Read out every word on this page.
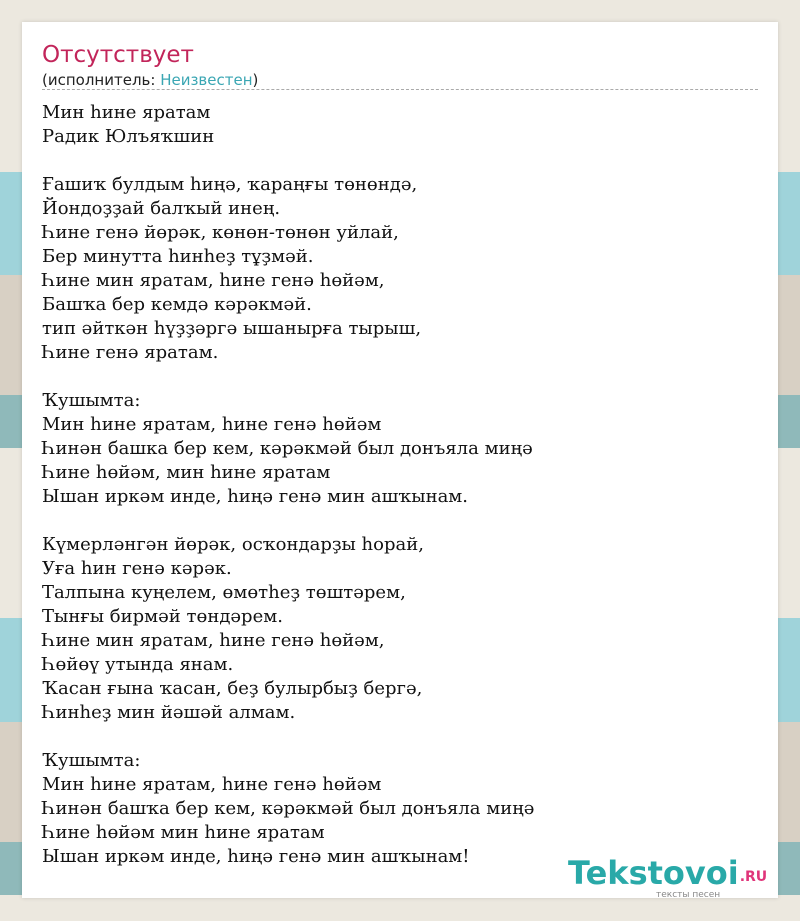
Отсутствует
(исполнитель: Неизвестен)
Мин һине яратам
Радик Юлъяҡшин
Ғашиҡ булдым һиңә, ҡараңғы төнөндә,
Йондоҙҙай балҡый инең.
Һине генә йөрәк, көнөн-төнөн уйлай,
Бер минутта һинһеҙ тұҙмәй.
Һине мин яратам, һине генә һөйәм,
Башҡа бер кемдә кәрәкмәй.
тип әйткән һүҙҙәргә ышанырға тырыш,
Һине генә яратам.
Ҡушымта:
Мин һине яратам, һине генә һөйәм
Һинән башка бер кем, кәрәкмәй был донъяла миңә
Һине һөйәм, мин һине яратам
Ышан иркәм инде, һиңә генә мин ашҡынам.
Күмерләнгән йөрәк, осҡондарҙы һорай,
Уға һин генә кәрәк.
Талпына куңелем, өмөтһеҙ төштәрем,
Тынғы бирмәй төндәрем.
Һине мин яратам, һине генә һөйәм,
Һөйөү утында янам.
Ҡасан ғына ҡасан, беҙ булырбыҙ бергә,
Һинһеҙ мин йәшәй алмам.
Ҡушымта:
Мин һине яратам, һине генә һөйәм
Һинән башҡа бер кем, кәрәкмәй был донъяла миңә
Һине һөйәм мин һине яратам
Ышан иркәм инде, һиңә генә мин ашҡынам!	Tekstovoi.RU
тексты песен
